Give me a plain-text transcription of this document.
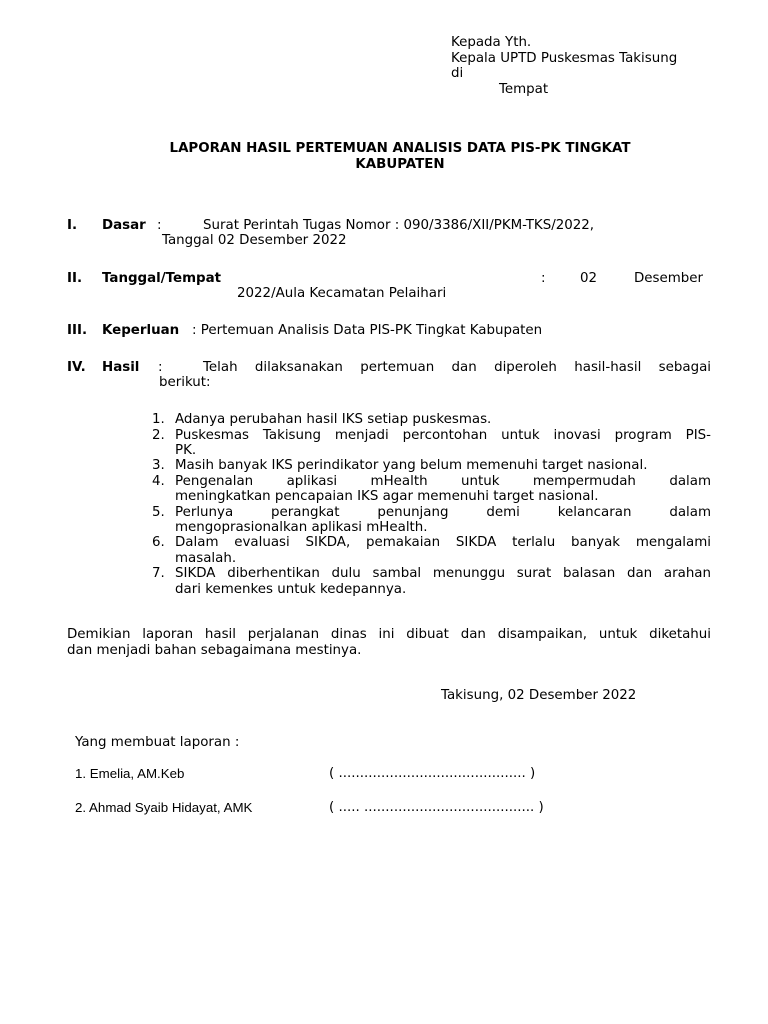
Kepada Yth.
Kepala UPTD Puskesmas Takisung
di
Tempat
LAPORAN HASIL PERTEMUAN ANALISIS DATA PIS-PK TINGKAT
KABUPATEN
I. Dasar :	Surat Perintah Tugas Nomor : 090/3386/XII/PKM-TKS/2022,
Tanggal 02 Desember 2022
II. Tanggal/Tempat	:	02	Desember
2022/Aula Kecamatan Pelaihari
III. Keperluan : Pertemuan Analisis Data PIS-PK Tingkat Kabupaten
IV. Hasil :	Telah dilaksanakan pertemuan dan diperoleh hasil-hasil sebagai
berikut:
1. Adanya perubahan hasil IKS setiap puskesmas.
2. Puskesmas Takisung menjadi percontohan untuk inovasi program PIS-
PK.
3. Masih banyak IKS perindikator yang belum memenuhi target nasional.
4. Pengenalan aplikasi mHealth untuk mempermudah dalam
meningkatkan pencapaian IKS agar memenuhi target nasional.
5. Perlunya perangkat penunjang demi kelancaran dalam
mengoprasionalkan aplikasi mHealth.
6. Dalam evaluasi SIKDA, pemakaian SIKDA terlalu banyak mengalami
masalah.
7. SIKDA diberhentikan dulu sambal menunggu surat balasan dan arahan
dari kemenkes untuk kedepannya.
Demikian laporan hasil perjalanan dinas ini dibuat dan disampaikan, untuk diketahui
dan menjadi bahan sebagaimana mestinya.
Takisung, 02 Desember 2022
Yang membuat laporan :
1. Emelia, AM.Keb	( ............................................ )
2. Ahmad Syaib Hidayat, AMK	( ..... ........................................ )
